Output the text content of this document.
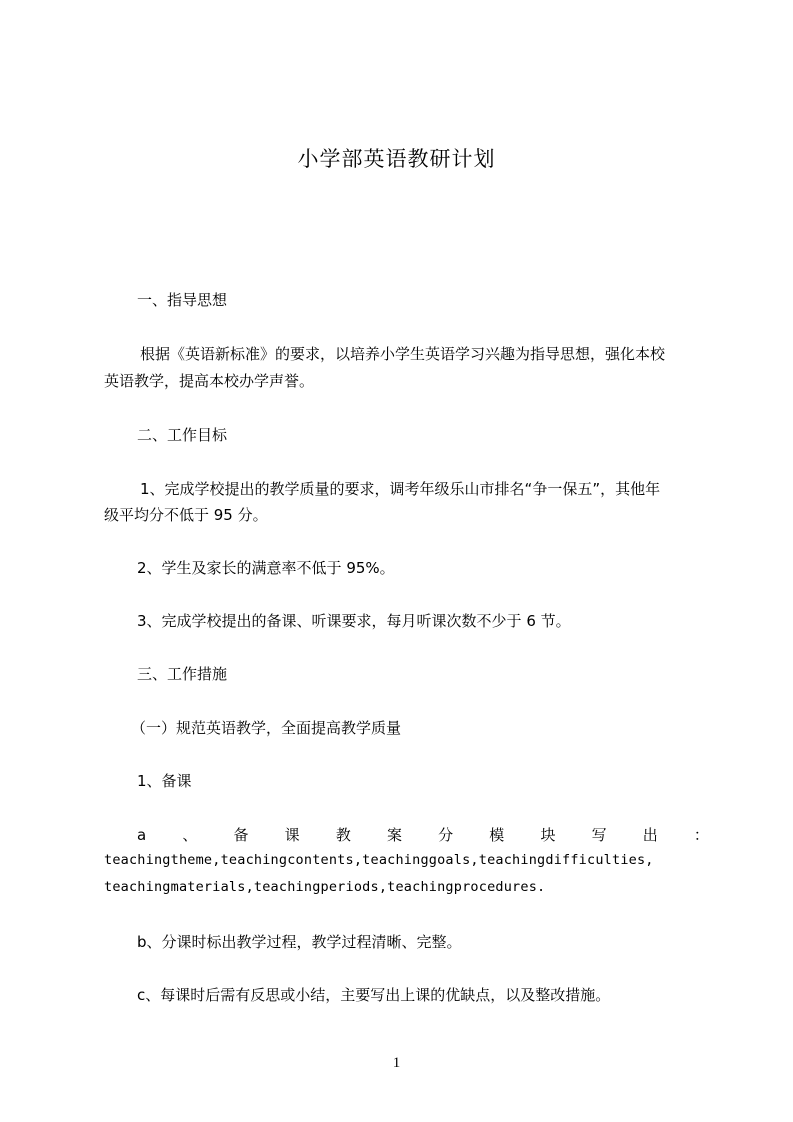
小学部英语教研计划
一、指导思想
根据《英语新标准》的要求，以培养小学生英语学习兴趣为指导思想，强化本校
英语教学，提高本校办学声誉。
二、工作目标
1、完成学校提出的教学质量的要求，调考年级乐山市排名“争一保五”，其他年
级平均分不低于 95 分。
2、学生及家长的满意率不低于 95%。
3、完成学校提出的备课、听课要求，每月听课次数不少于 6 节。
三、工作措施
（一）规范英语教学，全面提高教学质量
1、备课
a 、 备 课 教 案 分 模 块 写 出 ：
teachingtheme,teachingcontents,teachinggoals,teachingdifficulties,
teachingmaterials,teachingperiods,teachingprocedures.
b、分课时标出教学过程，教学过程清晰、完整。
c、每课时后需有反思或小结，主要写出上课的优缺点，以及整改措施。
1
